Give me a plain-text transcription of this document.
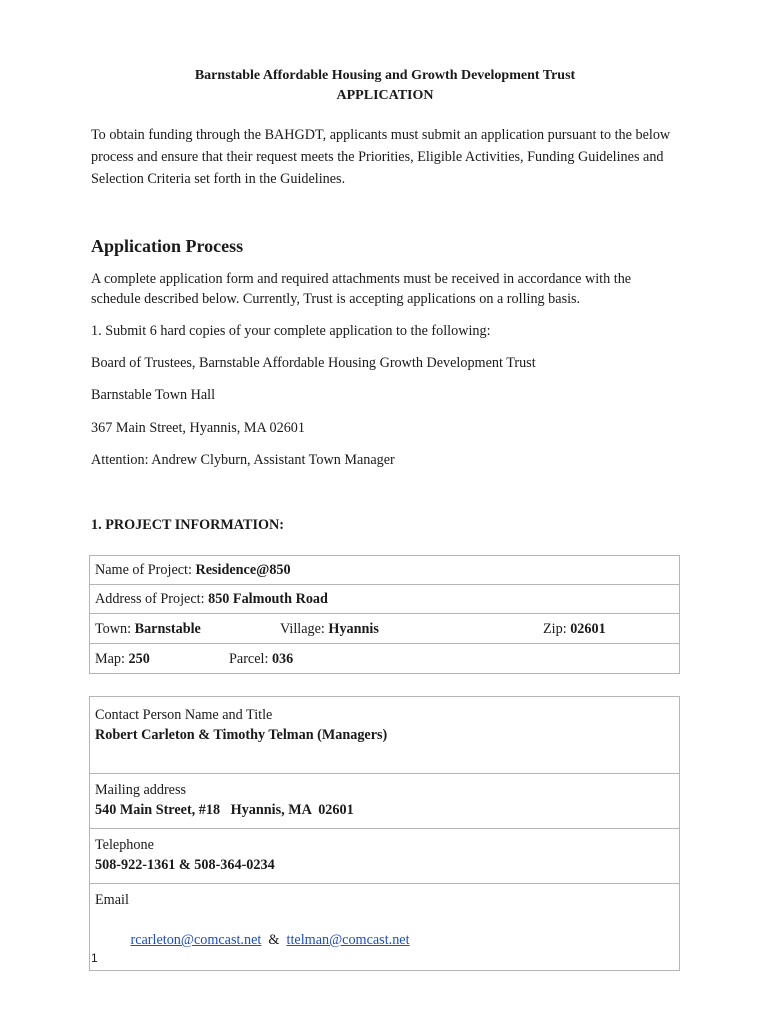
Barnstable Affordable Housing and Growth Development Trust
APPLICATION
To obtain funding through the BAHGDT, applicants must submit an application pursuant to the below process and ensure that their request meets the Priorities, Eligible Activities, Funding Guidelines and Selection Criteria set forth in the Guidelines.
Application Process
A complete application form and required attachments must be received in accordance with the schedule described below. Currently, Trust is accepting applications on a rolling basis.
1. Submit 6 hard copies of your complete application to the following:
Board of Trustees, Barnstable Affordable Housing Growth Development Trust
Barnstable Town Hall
367 Main Street, Hyannis, MA 02601
Attention: Andrew Clyburn, Assistant Town Manager
1. PROJECT INFORMATION:
Name of Project: Residence@850
Address of Project: 850 Falmouth Road

Town: Barnstable	Village: Hyannis	Zip: 02601

Map: 250	Parcel: 036
Contact Person Name and Title
Robert Carleton & Timothy Telman (Managers)

Mailing address
540 Main Street, #18   Hyannis, MA  02601

Telephone
508-922-1361 & 508-364-0234

Email

rcarleton@comcast.net  &  ttelman@comcast.net

1
